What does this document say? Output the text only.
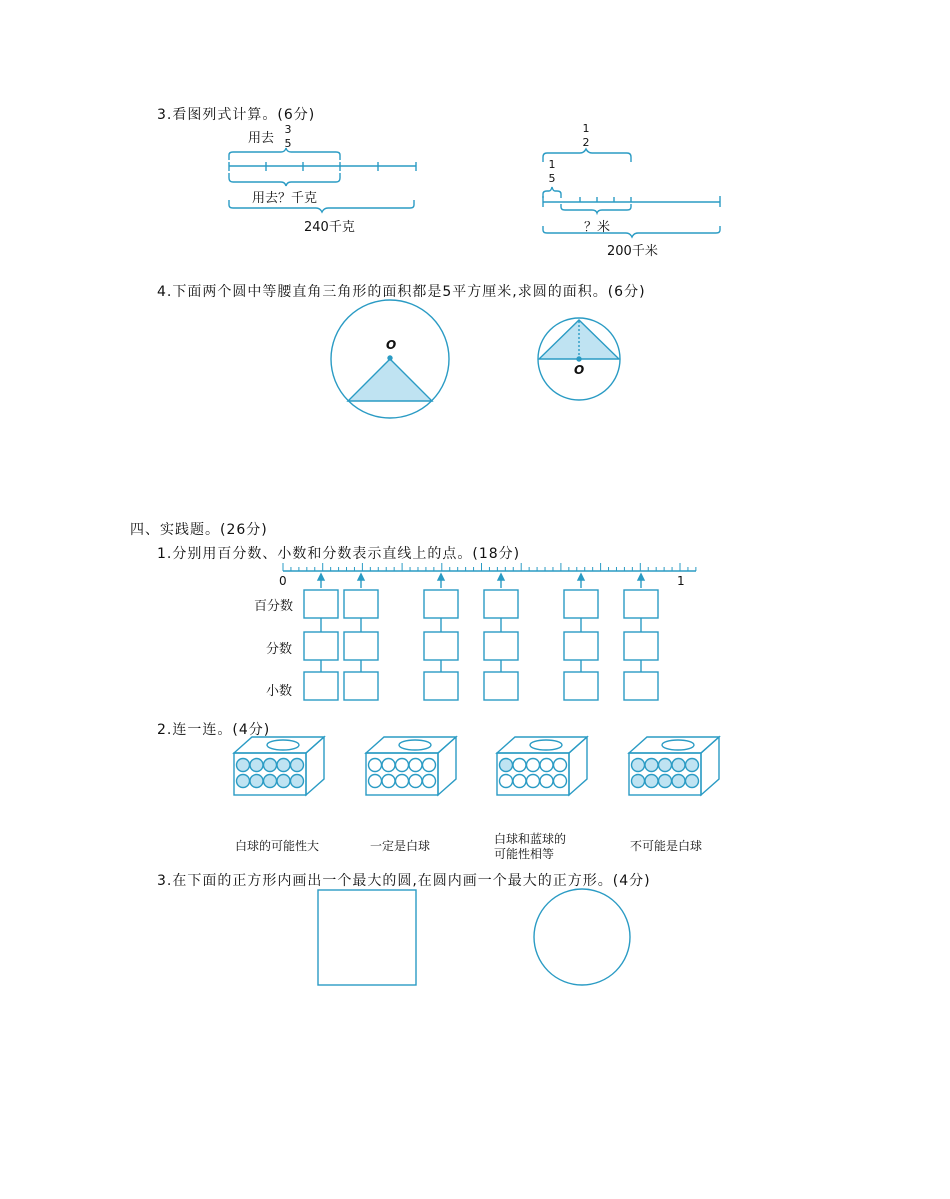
3.看图列式计算。(6分)
4.下面两个圆中等腰直角三角形的面积都是5平方厘米,求圆的面积。(6分)
四、实践题。(26分)
1.分别用百分数、小数和分数表示直线上的点。(18分)
2.连一连。(4分)
3.在下面的正方形内画出一个最大的圆,在圆内画一个最大的正方形。(4分)
用去
3
5
用去？千克
240千克
1
2
1
5
？米
200千米
O
O
0	1
百分数
分数
小数
白球的可能性大	一定是白球	白球和蓝球的
可能性相等
不可能是白球
